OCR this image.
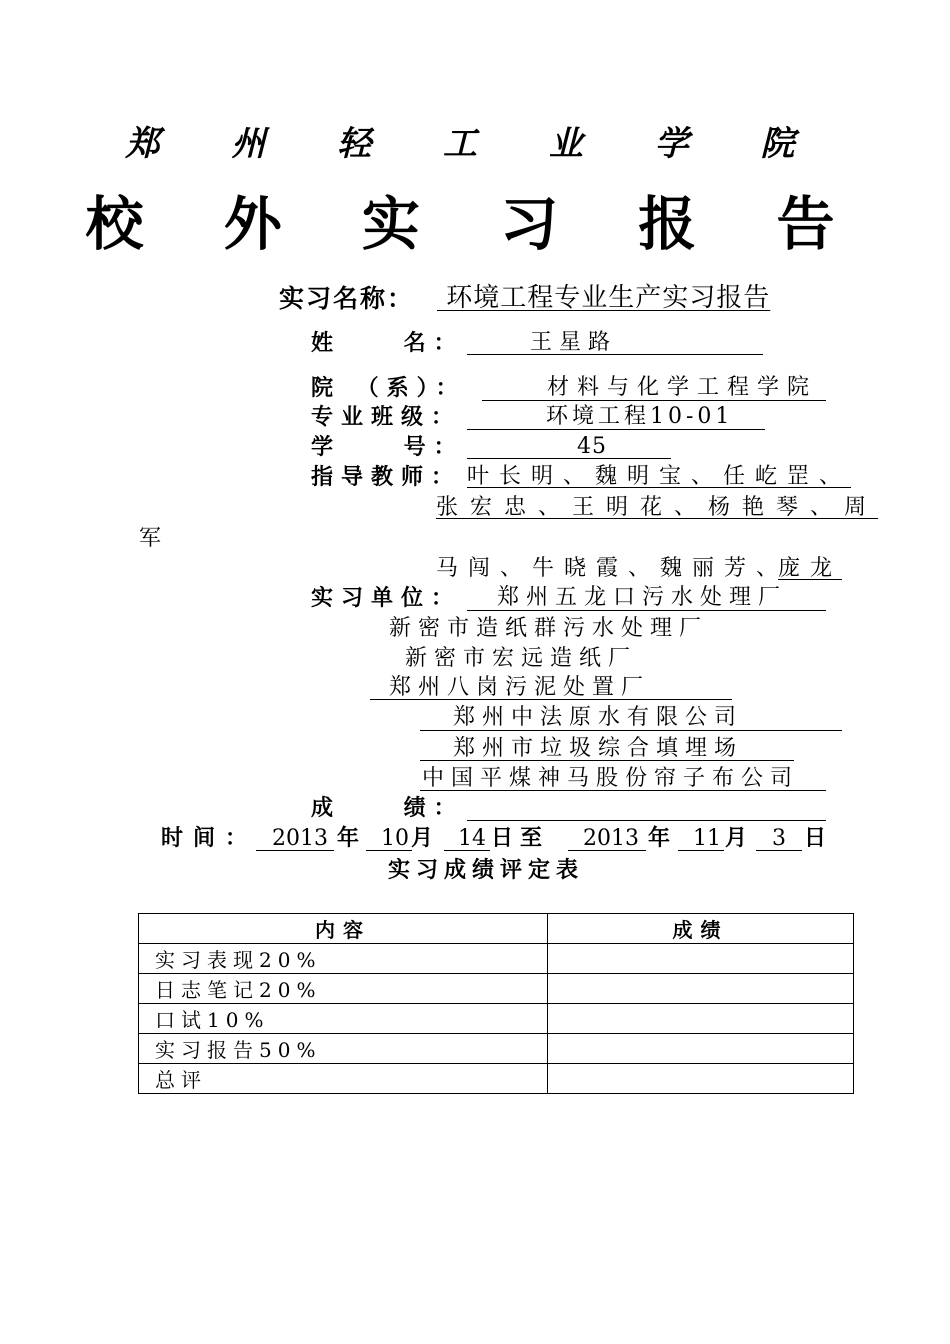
郑 州 轻 工 业 学 院
校 外 实 习 报 告
实习名称： 环境工程专业生产实习报告
姓    名：	王星路
院 （系）：	材料与化学工程学院
专业班级：	环境工程10-01
学    号：	45
指导教师： 叶长明、魏明宝、任屹罡、
张宏忠、王明花、杨艳琴、周
军
马闯、牛晓霞、魏丽芳、
庞龙
实习单位： 郑州五龙口污水处理厂
新密市造纸群污水处理厂
新密市宏远造纸厂
郑州八岗污泥处置厂
郑州中法原水有限公司
郑州市垃圾综合填埋场
中国平煤神马股份帘子布公司
成    绩：
时间： 2013 年 10 月 14 日
至 2013 年 11 月 3 日
实习成绩评定表
内容	成绩
实习表现20%	
日志笔记20%	
口试10%	
实习报告50%	
总评	
